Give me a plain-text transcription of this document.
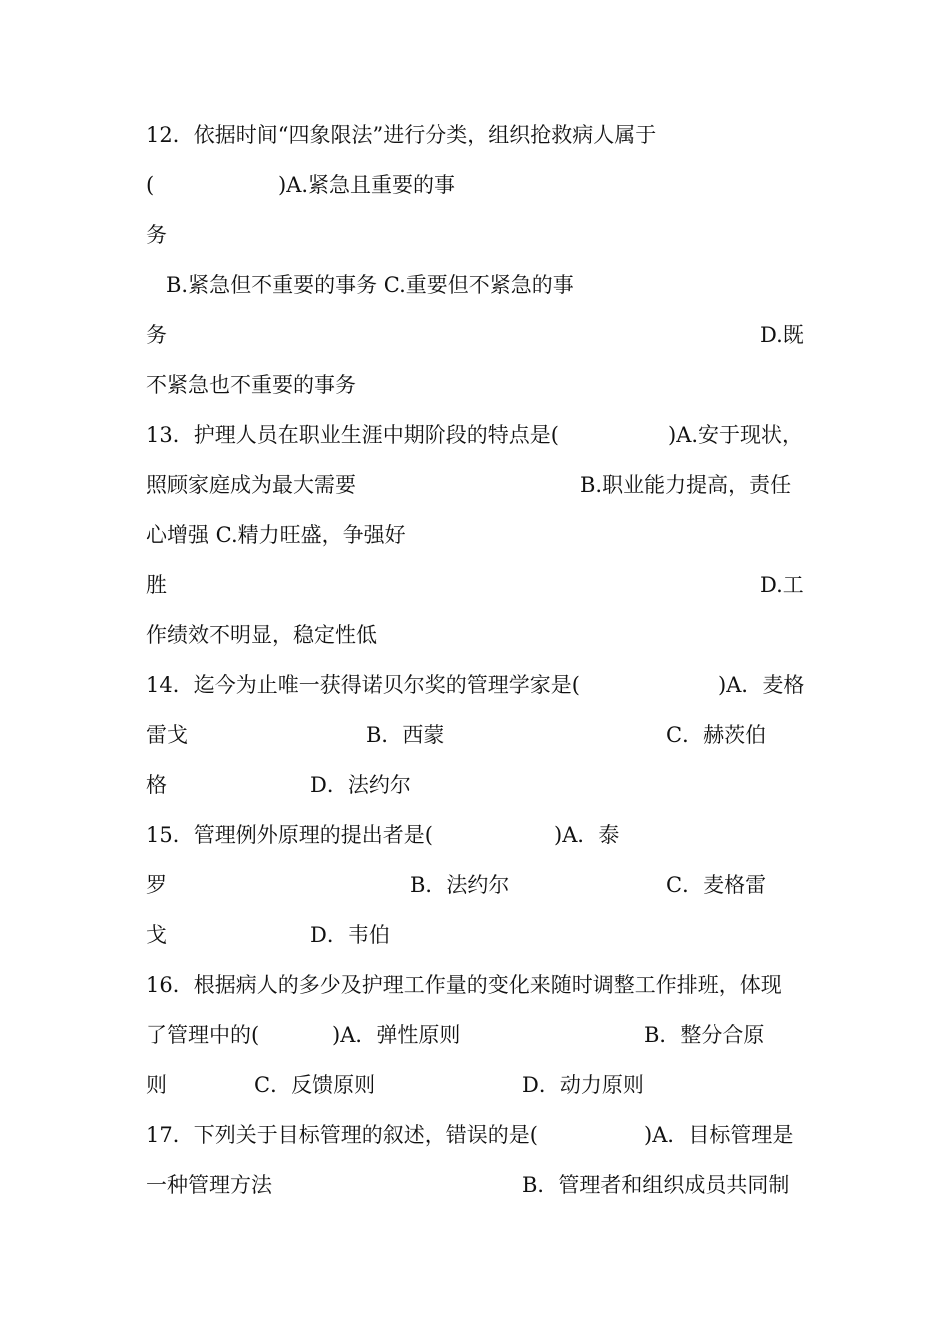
12．依据时间“四象限法”进行分类，组织抢救病人属于

(

	)A.紧急且重要的事

务

B.紧急但不重要的事务 C.重要但不紧急的事

务

	D.既

不紧急也不重要的事务

13．护理人员在职业生涯中期阶段的特点是(

	)A.安于现状，

照顾家庭成为最大需要

	B.职业能力提高，责任

心增强 C.精力旺盛，争强好

胜

	D.工

作绩效不明显，稳定性低

14．迄今为止唯一获得诺贝尔奖的管理学家是(

	)A．麦格

雷戈

	B．西蒙

	C．赫茨伯

格

	D．法约尔

15．管理例外原理的提出者是(

	)A．泰

罗

	B．法约尔

	C．麦格雷

戈

	D．韦伯

16．根据病人的多少及护理工作量的变化来随时调整工作排班，体现

了管理中的(

	)A．弹性原则

	B．整分合原

则

	C．反馈原则

	D．动力原则

17．下列关于目标管理的叙述，错误的是(

	)A．目标管理是

一种管理方法

	B．管理者和组织成员共同制
